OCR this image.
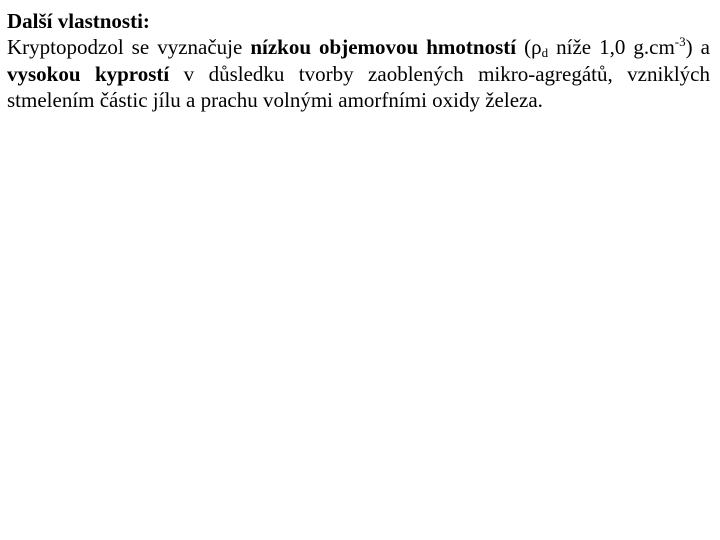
Další vlastnosti:

Kryptopodzol se vyznačuje nízkou objemovou hmotností ($\rho_d$ níže 1,0 $g.cm^{-3}$) a vysokou kyprostí v důsledku tvorby zaoblených mikro-agregátů, vzniklých stmelením částic jílu a prachu volnými amorfními oxidy železa.
